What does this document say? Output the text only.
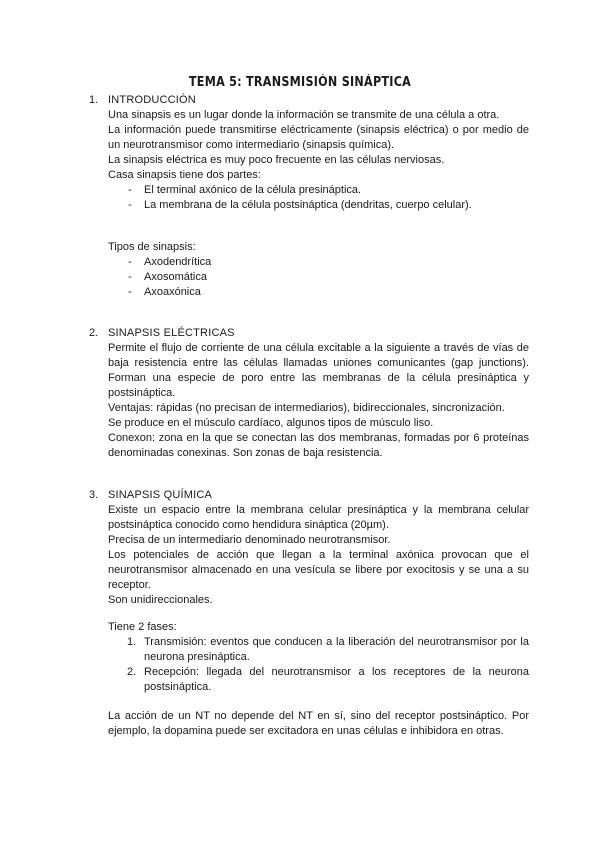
TEMA 5: TRANSMISIÓN SINÁPTICA
1. INTRODUCCIÓN

Una sinapsis es un lugar donde la información se transmite de una célula a otra.

La información puede transmitirse eléctricamente (sinapsis eléctrica) o por medio de

un neurotransmisor como intermediario (sinapsis química).

La sinapsis eléctrica es muy poco frecuente en las células nerviosas.

Casa sinapsis tiene dos partes:

- El terminal axónico de la célula presináptica.

- La membrana de la célula postsináptica (dendritas, cuerpo celular).

Tipos de sinapsis:

- Axodendrítica

- Axosomática

- Axoaxónica

2. SINAPSIS ELÉCTRICAS

Permite el flujo de corriente de una célula excitable a la siguiente a través de vías de

baja resistencia entre las células llamadas uniones comunicantes (gap junctions).

Forman una especie de poro entre las membranas de la célula presináptica y

postsináptica.

Ventajas: rápidas (no precisan de intermediarios), bidireccionales, sincronización.

Se produce en el músculo cardíaco, algunos tipos de músculo liso.

Conexon: zona en la que se conectan las dos membranas, formadas por 6 proteínas

denominadas conexinas. Son zonas de baja resistencia.

3. SINAPSIS QUÍMICA

Existe un espacio entre la membrana celular presináptica y la membrana celular

postsináptica conocido como hendidura sináptica (20µm).

Precisa de un intermediario denominado neurotransmisor.

Los potenciales de acción que llegan a la terminal axónica provocan que el

neurotransmisor almacenado en una vesícula se libere por exocitosis y se una a su

receptor.

Son unidireccionales.

Tiene 2 fases:

1. Transmisión: eventos que conducen a la liberación del neurotransmisor por la

neurona presináptica.

2. Recepción: llegada del neurotransmisor a los receptores de la neurona

postsináptica.

La acción de un NT no depende del NT en sí, sino del receptor postsináptico. Por

ejemplo, la dopamina puede ser excitadora en unas células e inhibidora en otras.
